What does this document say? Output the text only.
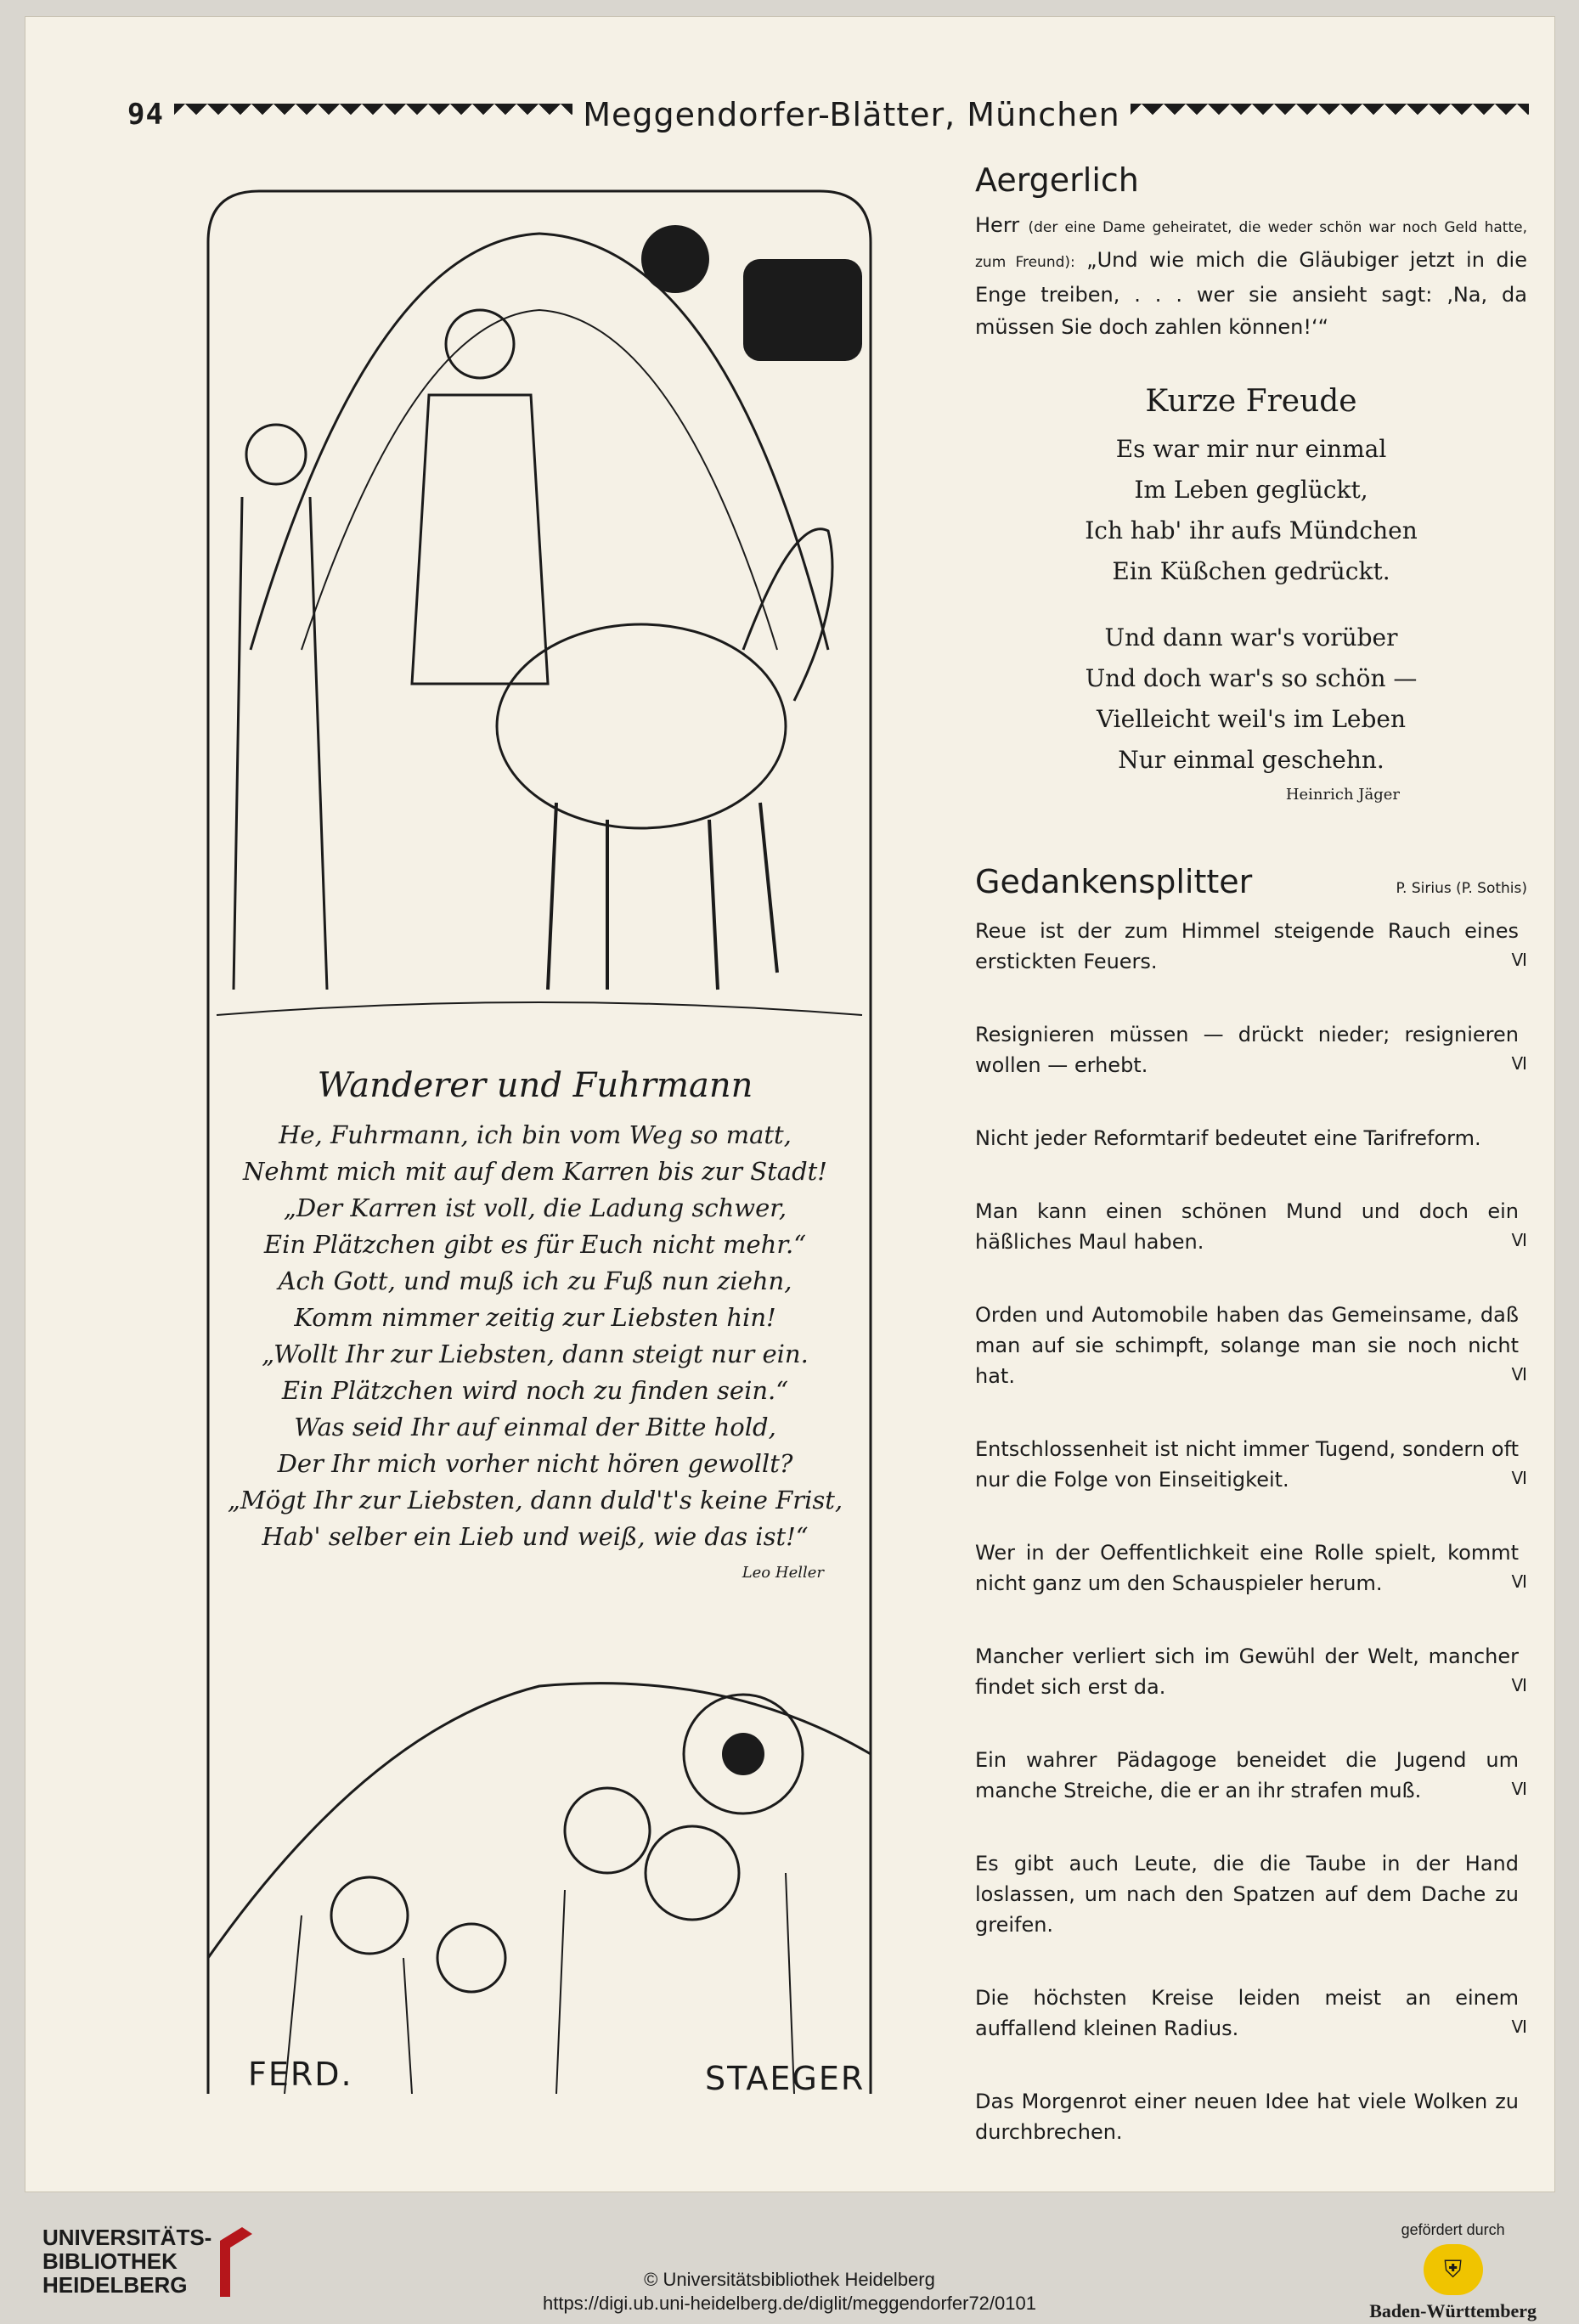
94	Meggendorfer-Blätter, München
Wanderer und Fuhrmann
He, Fuhrmann, ich bin vom Weg so matt,
Nehmt mich mit auf dem Karren bis zur Stadt!
„Der Karren ist voll, die Ladung schwer,
Ein Plätzchen gibt es für Euch nicht mehr.“
Ach Gott, und muß ich zu Fuß nun ziehn,
Komm nimmer zeitig zur Liebsten hin!
„Wollt Ihr zur Liebsten, dann steigt nur ein.
Ein Plätzchen wird noch zu finden sein.“
Was seid Ihr auf einmal der Bitte hold,
Der Ihr mich vorher nicht hören gewollt?
„Mögt Ihr zur Liebsten, dann duld't's keine Frist,
Hab' selber ein Lieb und weiß, wie das ist!“
Leo Heller
FERD.	STAEGER
Aergerlich
Herr (der eine Dame geheiratet, die weder schön war noch Geld hatte, zum Freund): „Und wie mich die Gläubiger jetzt in die Enge treiben, . . . wer sie ansieht sagt: ‚Na, da müssen Sie doch zahlen können!‘“
Kurze Freude
Es war mir nur einmal
Im Leben geglückt,
Ich hab' ihr aufs Mündchen
Ein Küßchen gedrückt.
Und dann war's vorüber
Und doch war's so schön —
Vielleicht weil's im Leben
Nur einmal geschehn.
Heinrich Jäger
Gedankensplitter	P. Sirius (P. Sothis)
Reue ist der zum Himmel steigende Rauch eines erstickten Feuers.	Ⅵ
Resignieren müssen — drückt nieder; resignieren wollen — erhebt.	Ⅵ
Nicht jeder Reformtarif bedeutet eine Tarifreform.
Man kann einen schönen Mund und doch ein häßliches Maul haben.	Ⅵ
Orden und Automobile haben das Gemeinsame, daß man auf sie schimpft, solange man sie noch nicht hat.	Ⅵ
Entschlossenheit ist nicht immer Tugend, sondern oft nur die Folge von Einseitigkeit.	Ⅵ
Wer in der Oeffentlichkeit eine Rolle spielt, kommt nicht ganz um den Schauspieler herum.	Ⅵ
Mancher verliert sich im Gewühl der Welt, mancher findet sich erst da.	Ⅵ
Ein wahrer Pädagoge beneidet die Jugend um manche Streiche, die er an ihr strafen muß.	Ⅵ
Es gibt auch Leute, die die Taube in der Hand loslassen, um nach den Spatzen auf dem Dache zu greifen.
Die höchsten Kreise leiden meist an einem auffallend kleinen Radius.	Ⅵ
Das Morgenrot einer neuen Idee hat viele Wolken zu durchbrechen.
UNIVERSITÄTS-
BIBLIOTHEK
HEIDELBERG	© Universitätsbibliothek Heidelberg
https://digi.ub.uni-heidelberg.de/diglit/meggendorfer72/0101
gefördert durch
⛨
Baden-Württemberg
